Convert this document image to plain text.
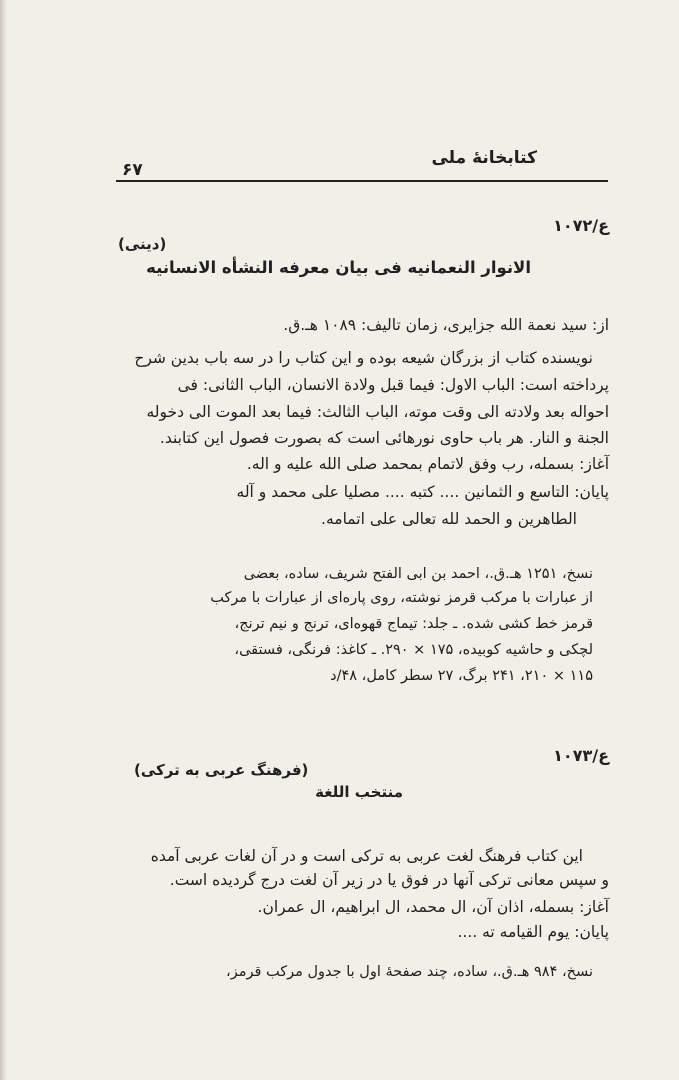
کتابخانهٔ ملی
۶۷
ع/۱۰۷۲
(دینی)
الانوار النعمانیه فی بیان معرفه النشأه الانسانیه
از: سید نعمة الله جزایری، زمان تالیف: ۱۰۸۹ هـ.ق.
نویسنده کتاب از بزرگان شیعه بوده و این کتاب را در سه باب بدین شرح
پرداخته است: الباب الاول: فیما قبل ولادة الانسان، الباب الثانی: فی
احواله بعد ولادته الی وقت موته، الباب الثالث: فیما بعد الموت الی دخوله
الجنة و النار. هر باب حاوی نورهائی است که بصورت فصول این کتابند.
آغاز: بسمله، رب وفق لاتمام بمحمد صلی الله علیه و اله.
پایان: التاسع و الثمانین .... کتبه .... مصلیا علی محمد و آله
الطاهرین و الحمد لله تعالی علی اتمامه.
نسخ، ۱۲۵۱ هـ.ق.، احمد بن ابی الفتح شریف، ساده، بعضی
از عبارات با مرکب قرمز نوشته، روی پاره‌ای از عبارات با مرکب
قرمز خط کشی شده. ـ جلد: تیماج قهوه‌ای، ترنج و نیم ترنج،
لچکی و حاشیه کوبیده، ۱۷۵ × ۲۹۰. ـ کاغذ: فرنگی، فستقی،
۱۱۵ × ۲۱۰، ۲۴۱ برگ، ۲۷ سطر کامل، ۴۸/د
ع/۱۰۷۳
(فرهنگ عربی به ترکی)
منتخب اللغة
این کتاب فرهنگ لغت عربی به ترکی است و در آن لغات عربی آمده
و سپس معانی ترکی آنها در فوق یا در زیر آن لغت درج گردیده است.
آغاز: بسمله، اذان آن، ال محمد، ال ابراهیم، ال عمران.
پایان: یوم القیامه ته ....
نسخ، ۹۸۴ هـ.ق.، ساده، چند صفحهٔ اول با جدول مرکب قرمز،
